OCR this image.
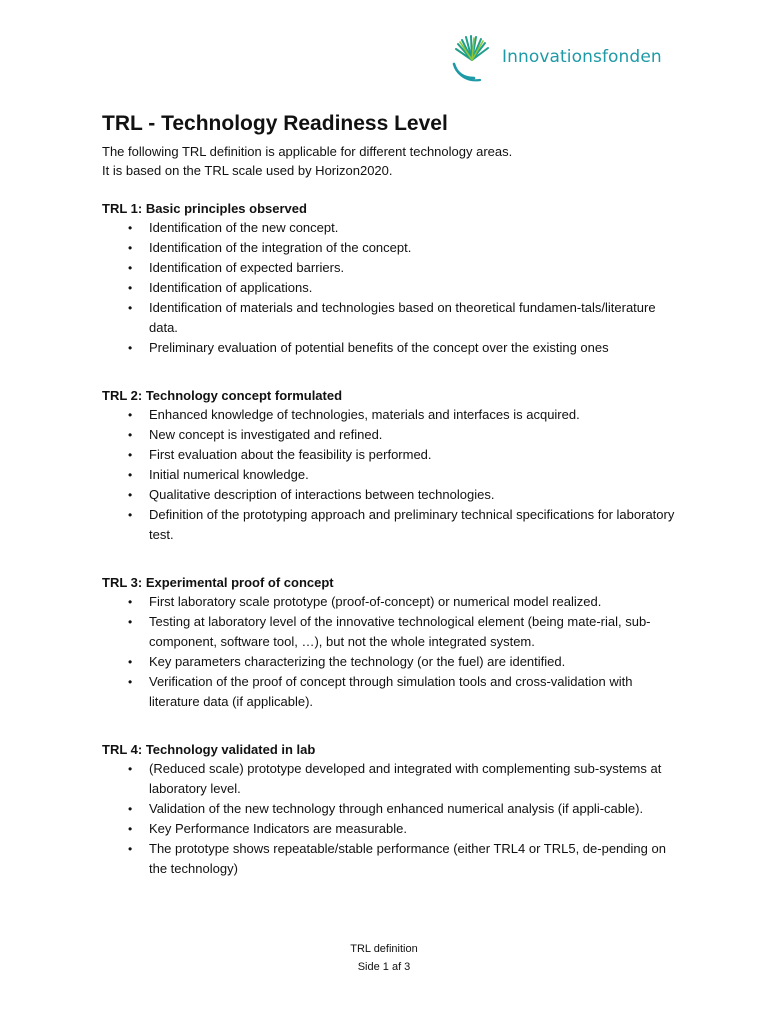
Innovationsfonden
TRL - Technology Readiness Level
The following TRL definition is applicable for different technology areas.
It is based on the TRL scale used by Horizon2020.
TRL 1: Basic principles observed
• Identification of the new concept.
• Identification of the integration of the concept.
• Identification of expected barriers.
• Identification of applications.
• Identification of materials and technologies based on theoretical fundamen-tals/literature data.
• Preliminary evaluation of potential benefits of the concept over the existing ones
TRL 2: Technology concept formulated
• Enhanced knowledge of technologies, materials and interfaces is acquired.
• New concept is investigated and refined.
• First evaluation about the feasibility is performed.
• Initial numerical knowledge.
• Qualitative description of interactions between technologies.
• Definition of the prototyping approach and preliminary technical specifications for laboratory test.
TRL 3: Experimental proof of concept
• First laboratory scale prototype (proof-of-concept) or numerical model realized.
• Testing at laboratory level of the innovative technological element (being mate-rial, sub-component, software tool, …), but not the whole integrated system.
• Key parameters characterizing the technology (or the fuel) are identified.
• Verification of the proof of concept through simulation tools and cross-validation with literature data (if applicable).
TRL 4: Technology validated in lab
• (Reduced scale) prototype developed and integrated with complementing sub-systems at laboratory level.
• Validation of the new technology through enhanced numerical analysis (if appli-cable).
• Key Performance Indicators are measurable.
• The prototype shows repeatable/stable performance (either TRL4 or TRL5, de-pending on the technology)
TRL definition
Side 1 af 3
